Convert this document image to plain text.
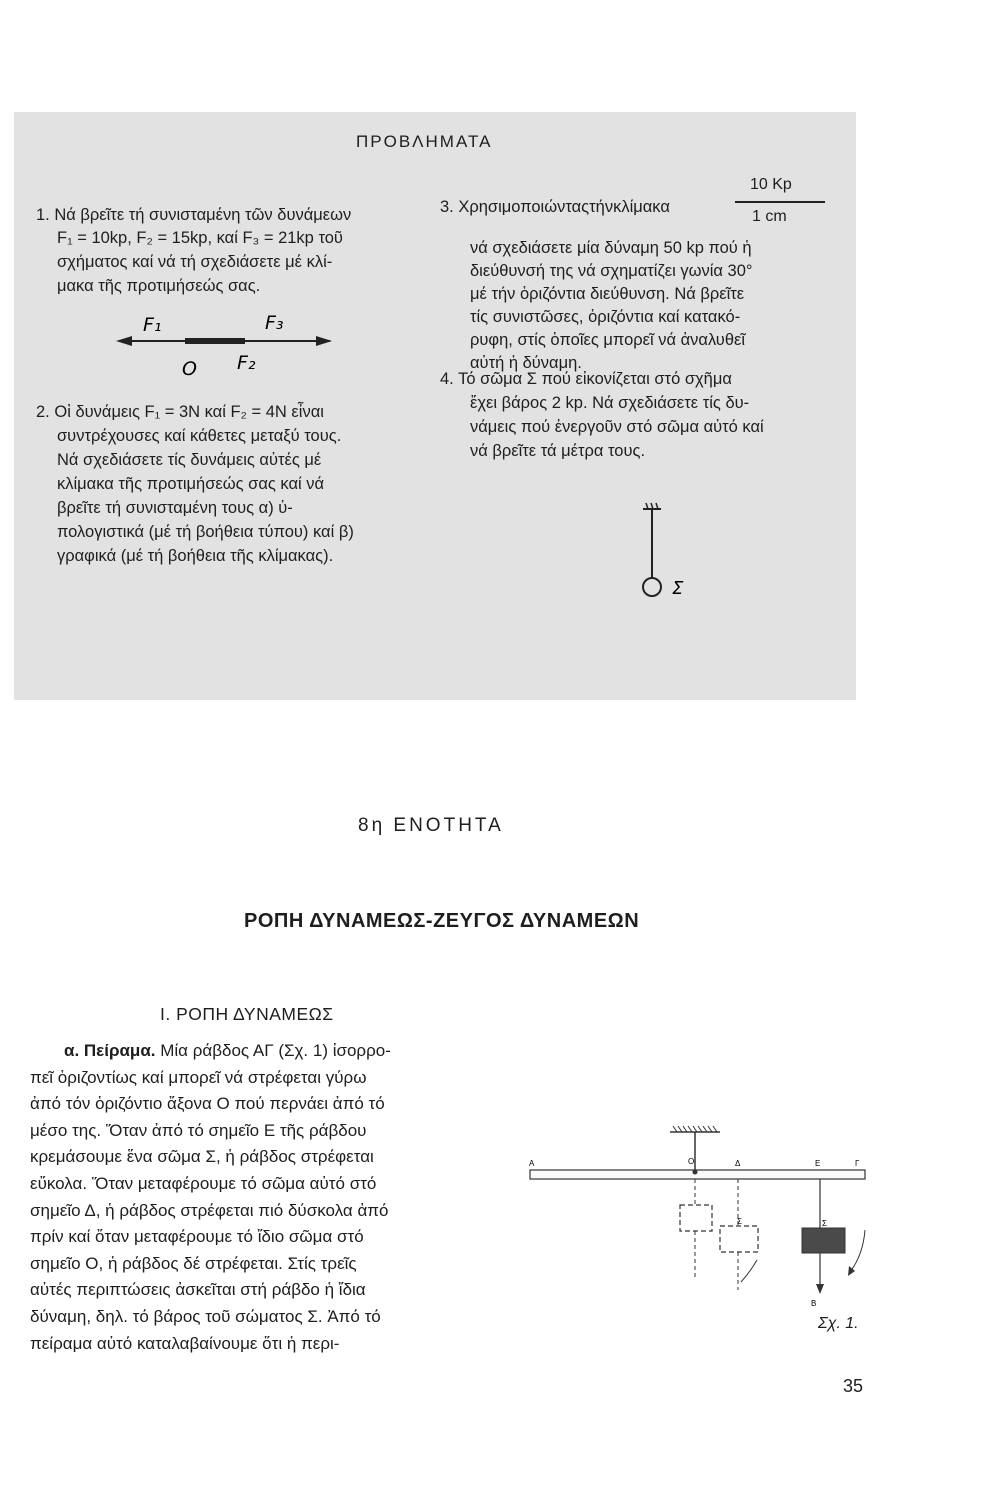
ΠΡΟΒΛΗΜΑΤΑ
1. Νά βρεῖτε τή συνισταμένη τῶν δυνάμεων
F₁ = 10kp, F₂ = 15kp, καί F₃ = 21kp τοῦ
σχήματος καί νά τή σχεδιάσετε μέ κλί-
μακα τῆς προτιμήσεώς σας.
F₁	F₃
O F₂
2. Οἱ δυνάμεις F₁ = 3N καί F₂ = 4N εἶναι
συντρέχουσες καί κάθετες μεταξύ τους.
Νά σχεδιάσετε τίς δυνάμεις αὐτές μέ
κλίμακα τῆς προτιμήσεώς σας καί νά
βρεῖτε τή συνισταμένη τους α) ὑ-
πολογιστικά (μέ τή βοήθεια τύπου) καί β)
γραφικά (μέ τή βοήθεια τῆς κλίμακας).
3. Χρησιμοποιώνταςτήνκλίμακα
10 Kp
1 cm
νά σχεδιάσετε μία δύναμη 50 kp πού ἡ
διεύθυνσή της νά σχηματίζει γωνία 30°
μέ τήν ὁριζόντια διεύθυνση. Νά βρεῖτε
τίς συνιστῶσες, ὁριζόντια καί κατακό-
ρυφη, στίς ὁποῖες μπορεῖ νά ἀναλυθεῖ
αὐτή ἡ δύναμη.
4. Τό σῶμα Σ πού εἰκονίζεται στό σχῆμα
ἔχει βάρος 2 kp. Νά σχεδιάσετε τίς δυ-
νάμεις πού ἐνεργοῦν στό σῶμα αὐτό καί
νά βρεῖτε τά μέτρα τους.
Σ
8η ΕΝΟΤΗΤΑ
ΡΟΠΗ ΔΥΝΑΜΕΩΣ-ΖΕΥΓΟΣ ΔΥΝΑΜΕΩΝ
Ι. ΡΟΠΗ ΔΥΝΑΜΕΩΣ
α. Πείραμα. Μία ράβδος ΑΓ (Σχ. 1) ἰσορρο-
πεῖ ὁριζοντίως καί μπορεῖ νά στρέφεται γύρω
ἀπό τόν ὁριζόντιο ἄξονα Ο πού περνάει ἀπό τό
μέσο της. Ὅταν ἀπό τό σημεῖο Ε τῆς ράβδου
κρεμάσουμε ἕνα σῶμα Σ, ἡ ράβδος στρέφεται
εὔκολα. Ὅταν μεταφέρουμε τό σῶμα αὐτό στό
σημεῖο Δ, ἡ ράβδος στρέφεται πιό δύσκολα ἀπό
πρίν καί ὅταν μεταφέρουμε τό ἴδιο σῶμα στό
σημεῖο Ο, ἡ ράβδος δέ στρέφεται. Στίς τρεῖς
αὐτές περιπτώσεις ἀσκεῖται στή ράβδο ἡ ἴδια
δύναμη, δηλ. τό βάρος τοῦ σώματος Σ. Ἀπό τό
πείραμα αὐτό καταλαβαίνουμε ὅτι ἡ περι-
Α	Ο	Δ	Ε	Γ
Σ	Σ
Β
Σχ. 1.
35
